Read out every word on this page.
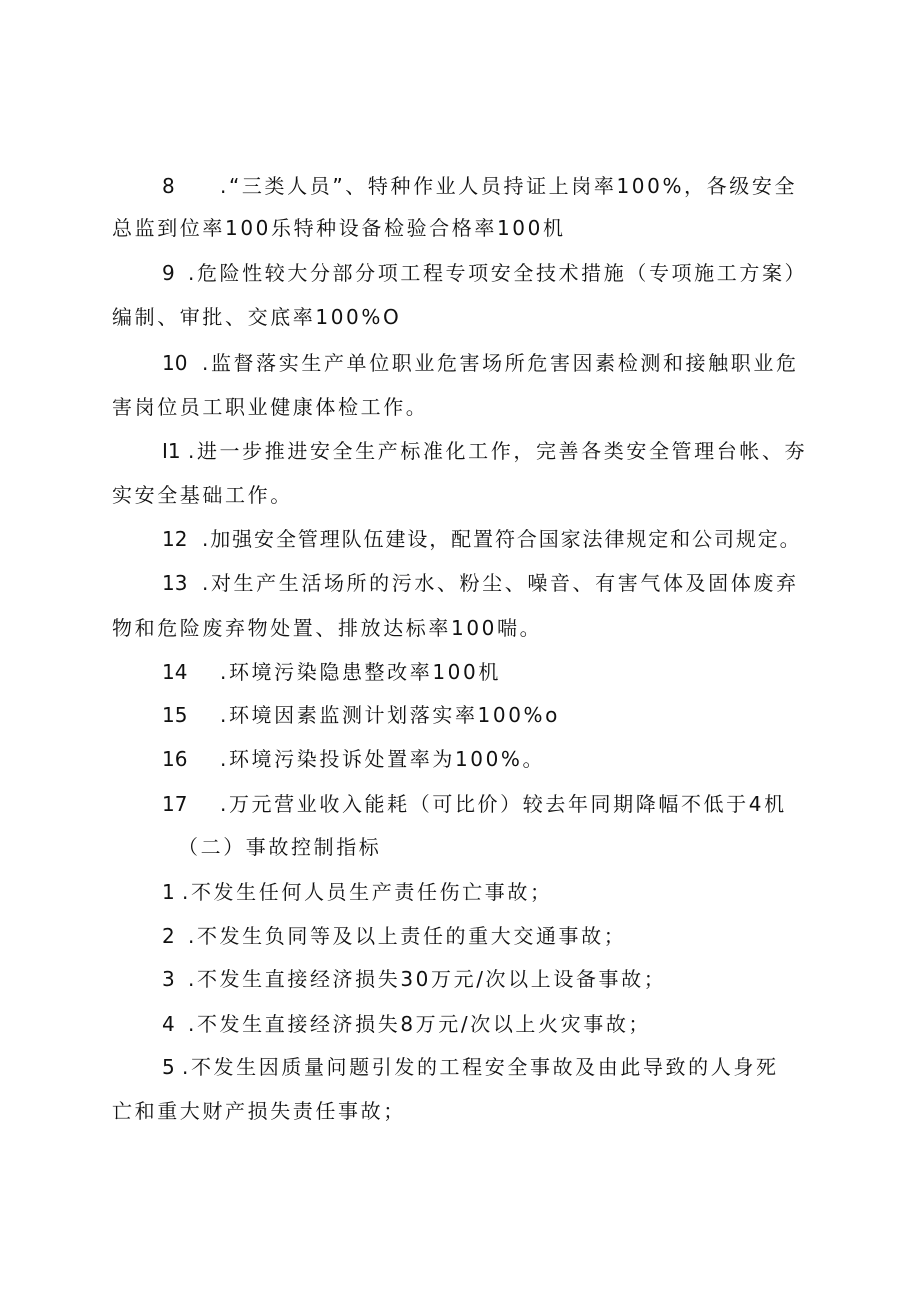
8 .“三类人员”、特种作业人员持证上岗率100%，各级安全
总监到位率100乐特种设备检验合格率100机
9 .危险性较大分部分项工程专项安全技术措施（专项施工方案）
编制、审批、交底率100%O
10 .监督落实生产单位职业危害场所危害因素检测和接触职业危
害岗位员工职业健康体检工作。
I1 .进一步推进安全生产标准化工作，完善各类安全管理台帐、夯
实安全基础工作。
12 .加强安全管理队伍建设，配置符合国家法律规定和公司规定。
13 .对生产生活场所的污水、粉尘、噪音、有害气体及固体废弃
物和危险废弃物处置、排放达标率100喘。
14 .环境污染隐患整改率100机
15 .环境因素监测计划落实率100%o
16 .环境污染投诉处置率为100%。
17 .万元营业收入能耗（可比价）较去年同期降幅不低于4机
（二）事故控制指标
1 .不发生任何人员生产责任伤亡事故；
2 .不发生负同等及以上责任的重大交通事故；
3 .不发生直接经济损失30万元/次以上设备事故；
4 .不发生直接经济损失8万元/次以上火灾事故；
5 .不发生因质量问题引发的工程安全事故及由此导致的人身死
亡和重大财产损失责任事故；
